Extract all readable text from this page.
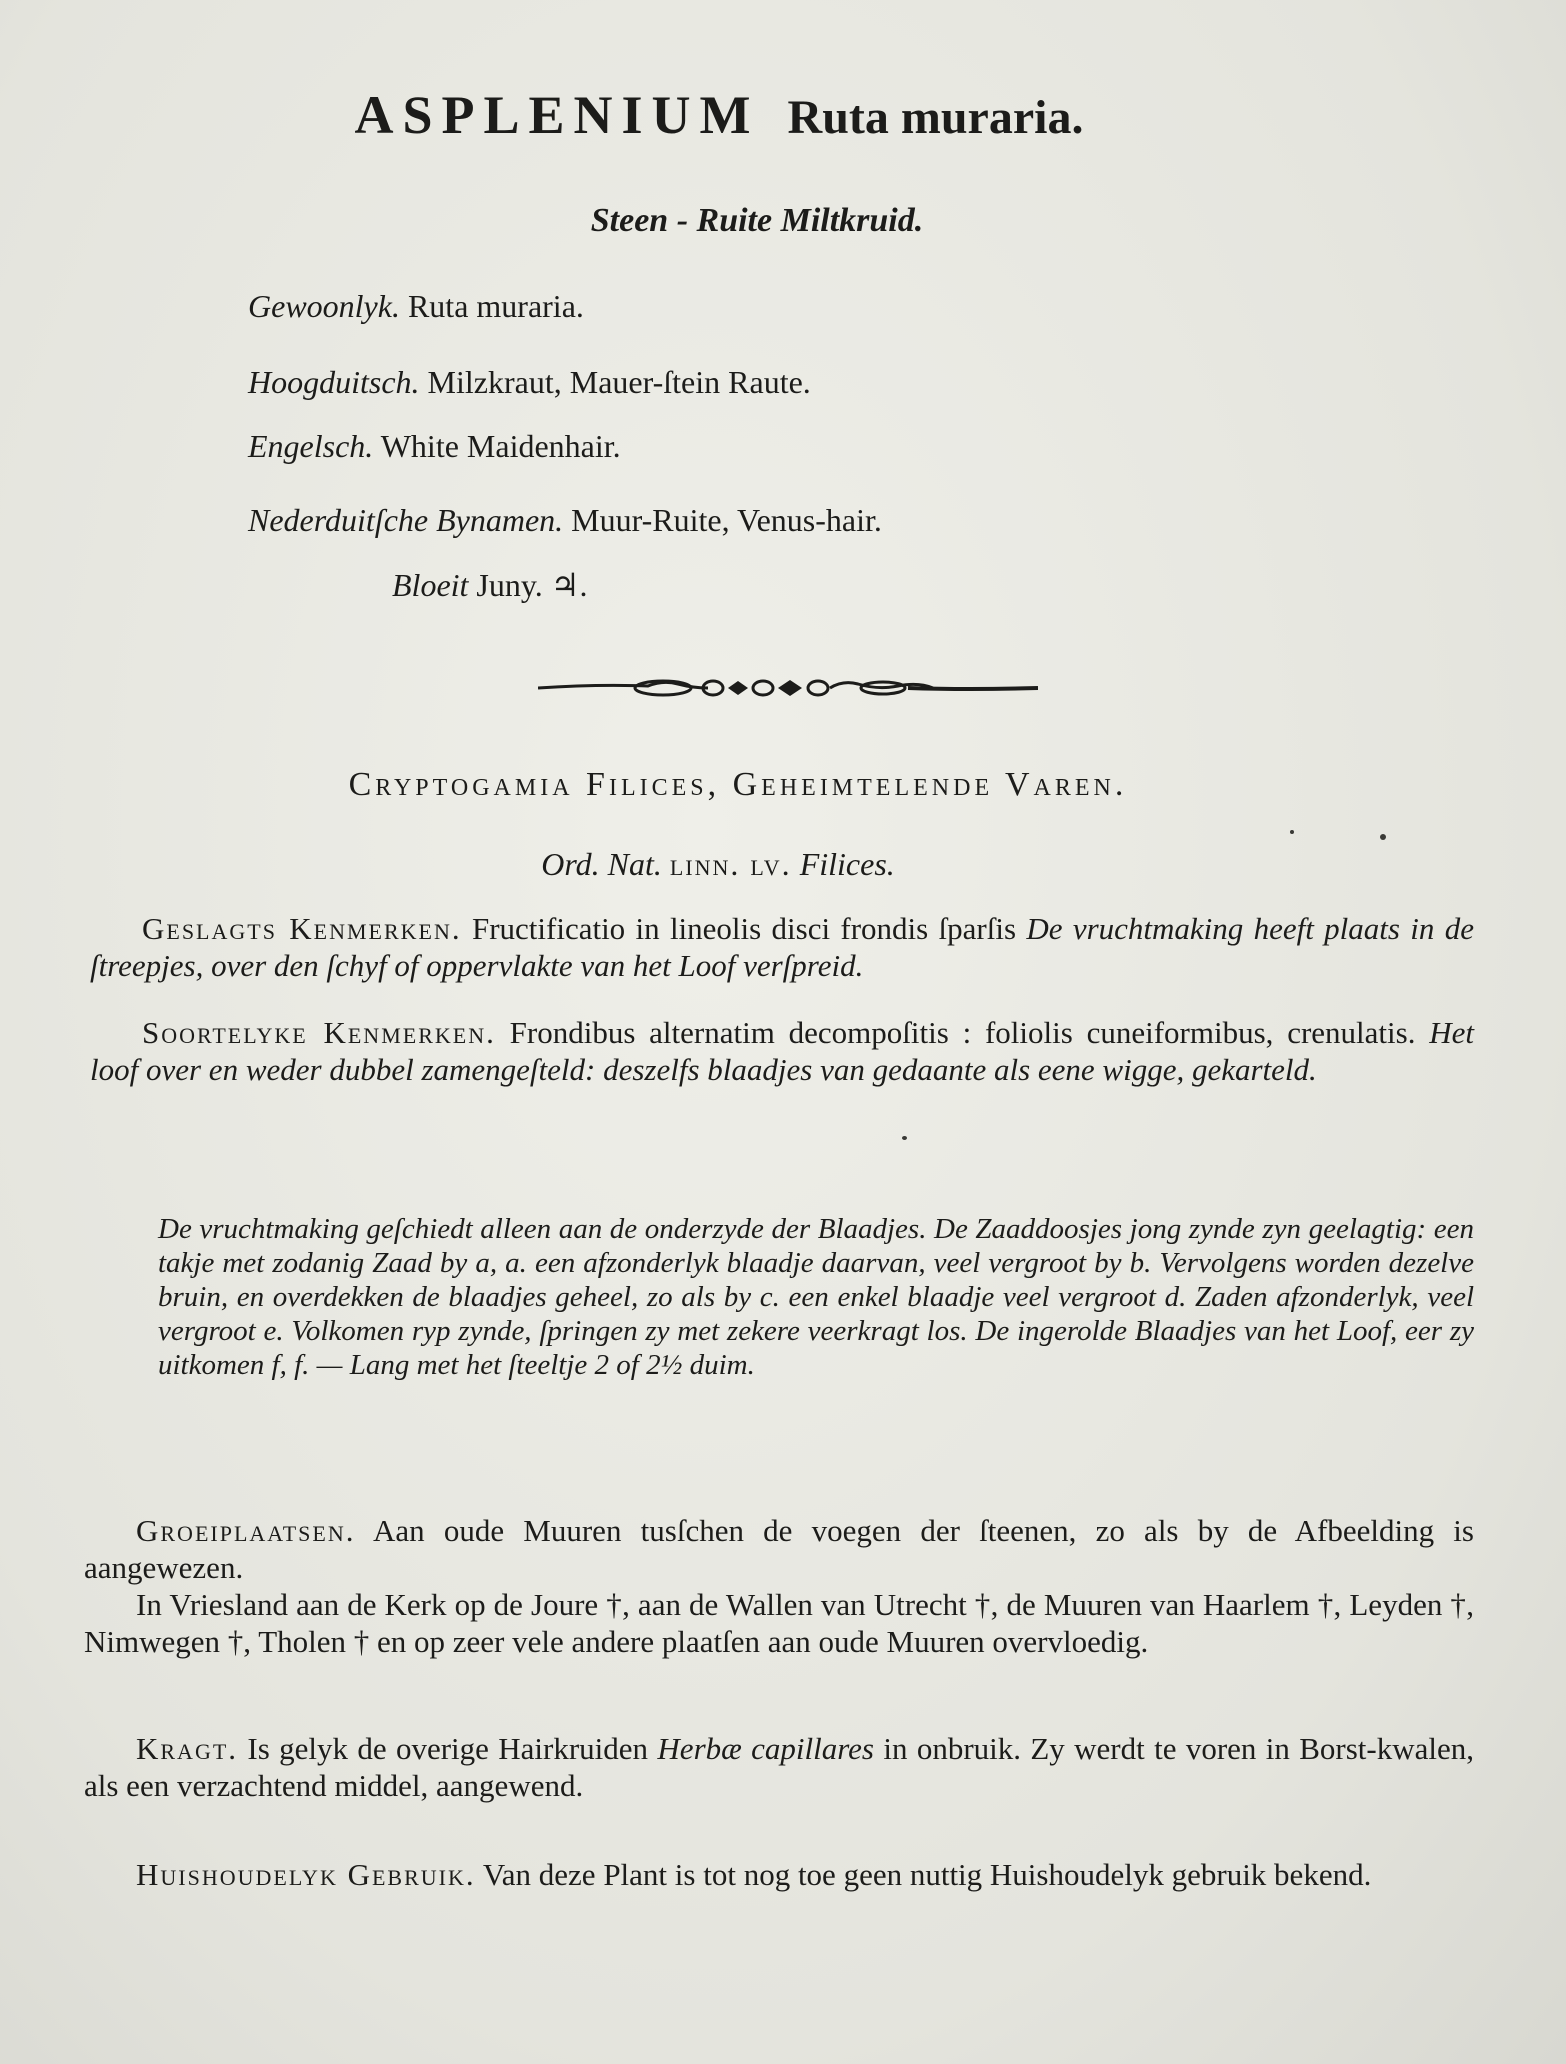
ASPLENIUM Ruta muraria.
Steen - Ruite Miltkruid.
Gewoonlyk. Ruta muraria.
Hoogduitsch. Milzkraut, Mauer-ſtein Raute.
Engelsch. White Maidenhair.
Nederduitſche Bynamen. Muur-Ruite, Venus-hair.
Bloeit Juny. ♃.
Cryptogamia Filices, Geheimtelende Varen.
Ord. Nat. linn. lv. Filices.

Geslagts Kenmerken. Fructificatio in lineolis disci frondis ſparſis De vruchtmaking heeft plaats in de ſtreepjes, over den ſchyf of oppervlakte van het Loof verſpreid.

Soortelyke Kenmerken. Frondibus alternatim decompoſitis : foliolis cuneiformibus, crenulatis. Het loof over en weder dubbel zamengeſteld: deszelfs blaadjes van gedaante als eene wigge, gekarteld.

De vruchtmaking geſchiedt alleen aan de onderzyde der Blaadjes. De Zaaddoosjes jong zynde zyn geelagtig: een takje met zodanig Zaad by a, a. een afzonderlyk blaadje daarvan, veel vergroot by b. Vervolgens worden dezelve bruin, en overdekken de blaadjes geheel, zo als by c. een enkel blaadje veel vergroot d. Zaden afzonderlyk, veel vergroot e. Volkomen ryp zynde, ſpringen zy met zekere veerkragt los. De ingerolde Blaadjes van het Loof, eer zy uitkomen f, f. — Lang met het ſteeltje 2 of 2½ duim.

Groeiplaatsen. Aan oude Muuren tusſchen de voegen der ſteenen, zo als by de Afbeelding is aangewezen.

In Vriesland aan de Kerk op de Joure †, aan de Wallen van Utrecht †, de Muuren van Haarlem †, Leyden †, Nimwegen †, Tholen † en op zeer vele andere plaatſen aan oude Muuren overvloedig.

Kragt. Is gelyk de overige Hairkruiden Herbæ capillares in onbruik. Zy werdt te voren in Borst-kwalen, als een verzachtend middel, aangewend.

Huishoudelyk Gebruik. Van deze Plant is tot nog toe geen nuttig Huishoudelyk gebruik bekend.
